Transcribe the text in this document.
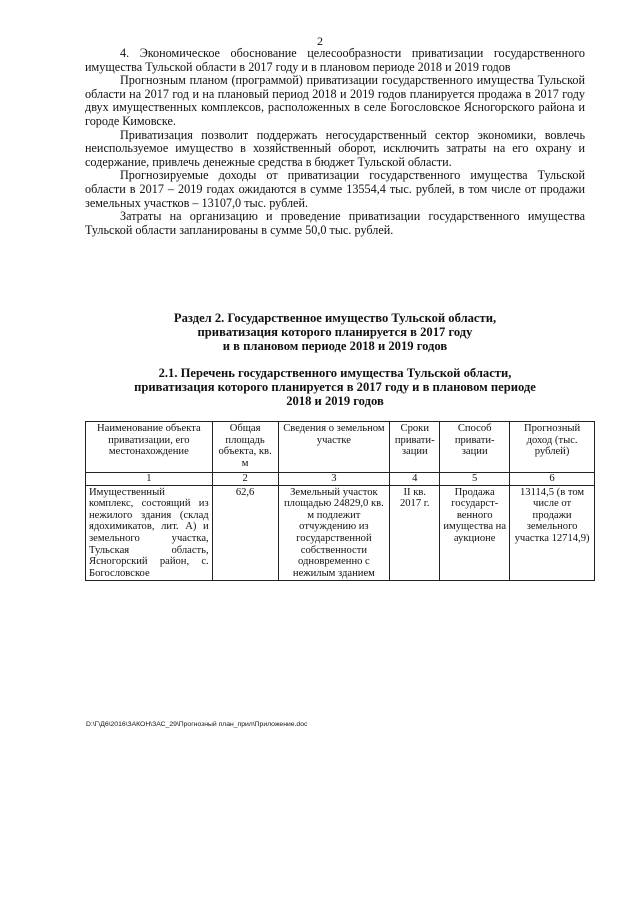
2

4. Экономическое обоснование целесообразности приватизации государственного имущества Тульской области в 2017 году и в плановом периоде 2018 и 2019 годов

Прогнозным планом (программой) приватизации государственного имущества Тульской области на 2017 год и на плановый период 2018 и 2019 годов планируется продажа в 2017 году двух имущественных комплексов, расположенных в селе Богословское Ясногорского района и городе Кимовске.

Приватизация позволит поддержать негосударственный сектор экономики, вовлечь неиспользуемое имущество в хозяйственный оборот, исключить затраты на его охрану и содержание, привлечь денежные средства в бюджет Тульской области.

Прогнозируемые доходы от приватизации государственного имущества Тульской области в 2017 – 2019 годах ожидаются в сумме 13554,4 тыс. рублей, в том числе от продажи земельных участков – 13107,0 тыс. рублей.

Затраты на организацию и проведение приватизации государственного имущества Тульской области запланированы в сумме 50,0 тыс. рублей.

Раздел 2. Государственное имущество Тульской области,
приватизация которого планируется в 2017 году
и в плановом периоде 2018 и 2019 годов
2.1. Перечень государственного имущества Тульской области,
приватизация которого планируется в 2017 году и в плановом периоде
2018 и 2019 годов
Наименование объекта приватизации, его местонахождение	Общая площадь объекта, кв. м	Сведения о земельном участке	Сроки привати-зации	Способ привати-зации	Прогнозный доход (тыс. рублей)
1	2	3	4	5	6
Имущественный комплекс, состоящий из нежилого здания (склад ядохимикатов, лит. А) и земельного участка, Тульская область, Ясногорский район, с. Богословское	62,6	Земельный участок площадью 24829,0 кв. м подлежит отчуждению из государственной собственности одновременно с нежилым зданием	II кв. 2017 г.	Продажа государст-венного имущества на аукционе	13114,5 (в том числе от продажи земельного участка 12714,9)
D:\Г\Д6\2016\ЗАКОН\ЗАС_29\Прогнозный план_прил\Приложение.doc
